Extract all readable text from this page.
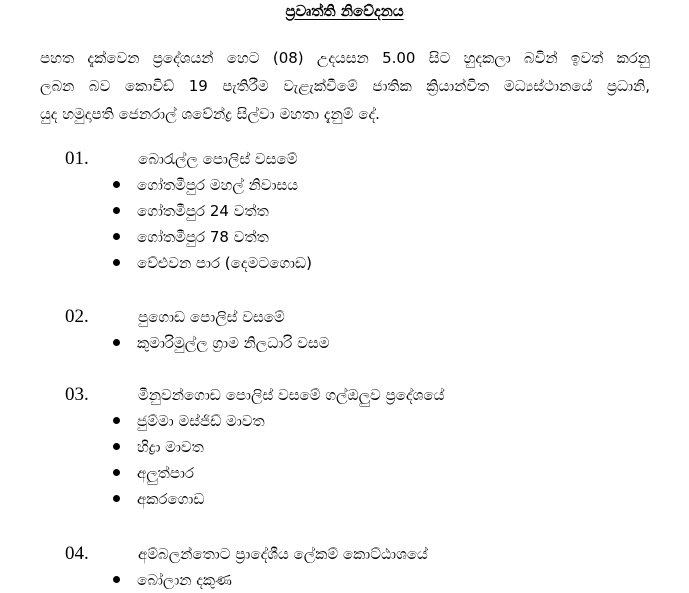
ප්‍රවෘත්ති නිවේදනය
පහත දැක්වෙන ප්‍රදේශයන් හෙට (08) උදයසන 5.00 සිට හුදකලා බවින් ඉවත් කරනු
ලබන බව කොවිඩ් 19 පැතිරීම වැළැක්වීමේ ජාතික ක්‍රියාන්විත මධ්‍යස්ථානයේ ප්‍රධානි,
යුද හමුදාපති ජෙනරාල් ශවේන්ද්‍ර සිල්වා මහතා දැනුම් දේ.
01.	බොරැල්ල පොලිස් වසමේ
ගෝතමීපුර මහල් නිවාසය
ගෝතමීපුර 24 වත්ත
ගෝතමීපුර 78 වත්ත
වේළුවන පාර (දෙමටගොඩ)
02.	පුගොඩ පොලිස් වසමේ
කුමාරිමුල්ල ග්‍රාම නිලධාරි වසම
03.	මීනුවන්ගොඩ පොලිස් වසමේ ගල්ඔලුව ප්‍රදේශයේ
ජුම්මා මස්ජිඩ් මාවත
හිද්‍රා මාවත
අලුත්පාර
අකරගොඩ
04.	අම්බලන්තොට ප්‍රාදේශීය ලේකම් කොට්ඨාශයේ
බෝලාන දකුණ
